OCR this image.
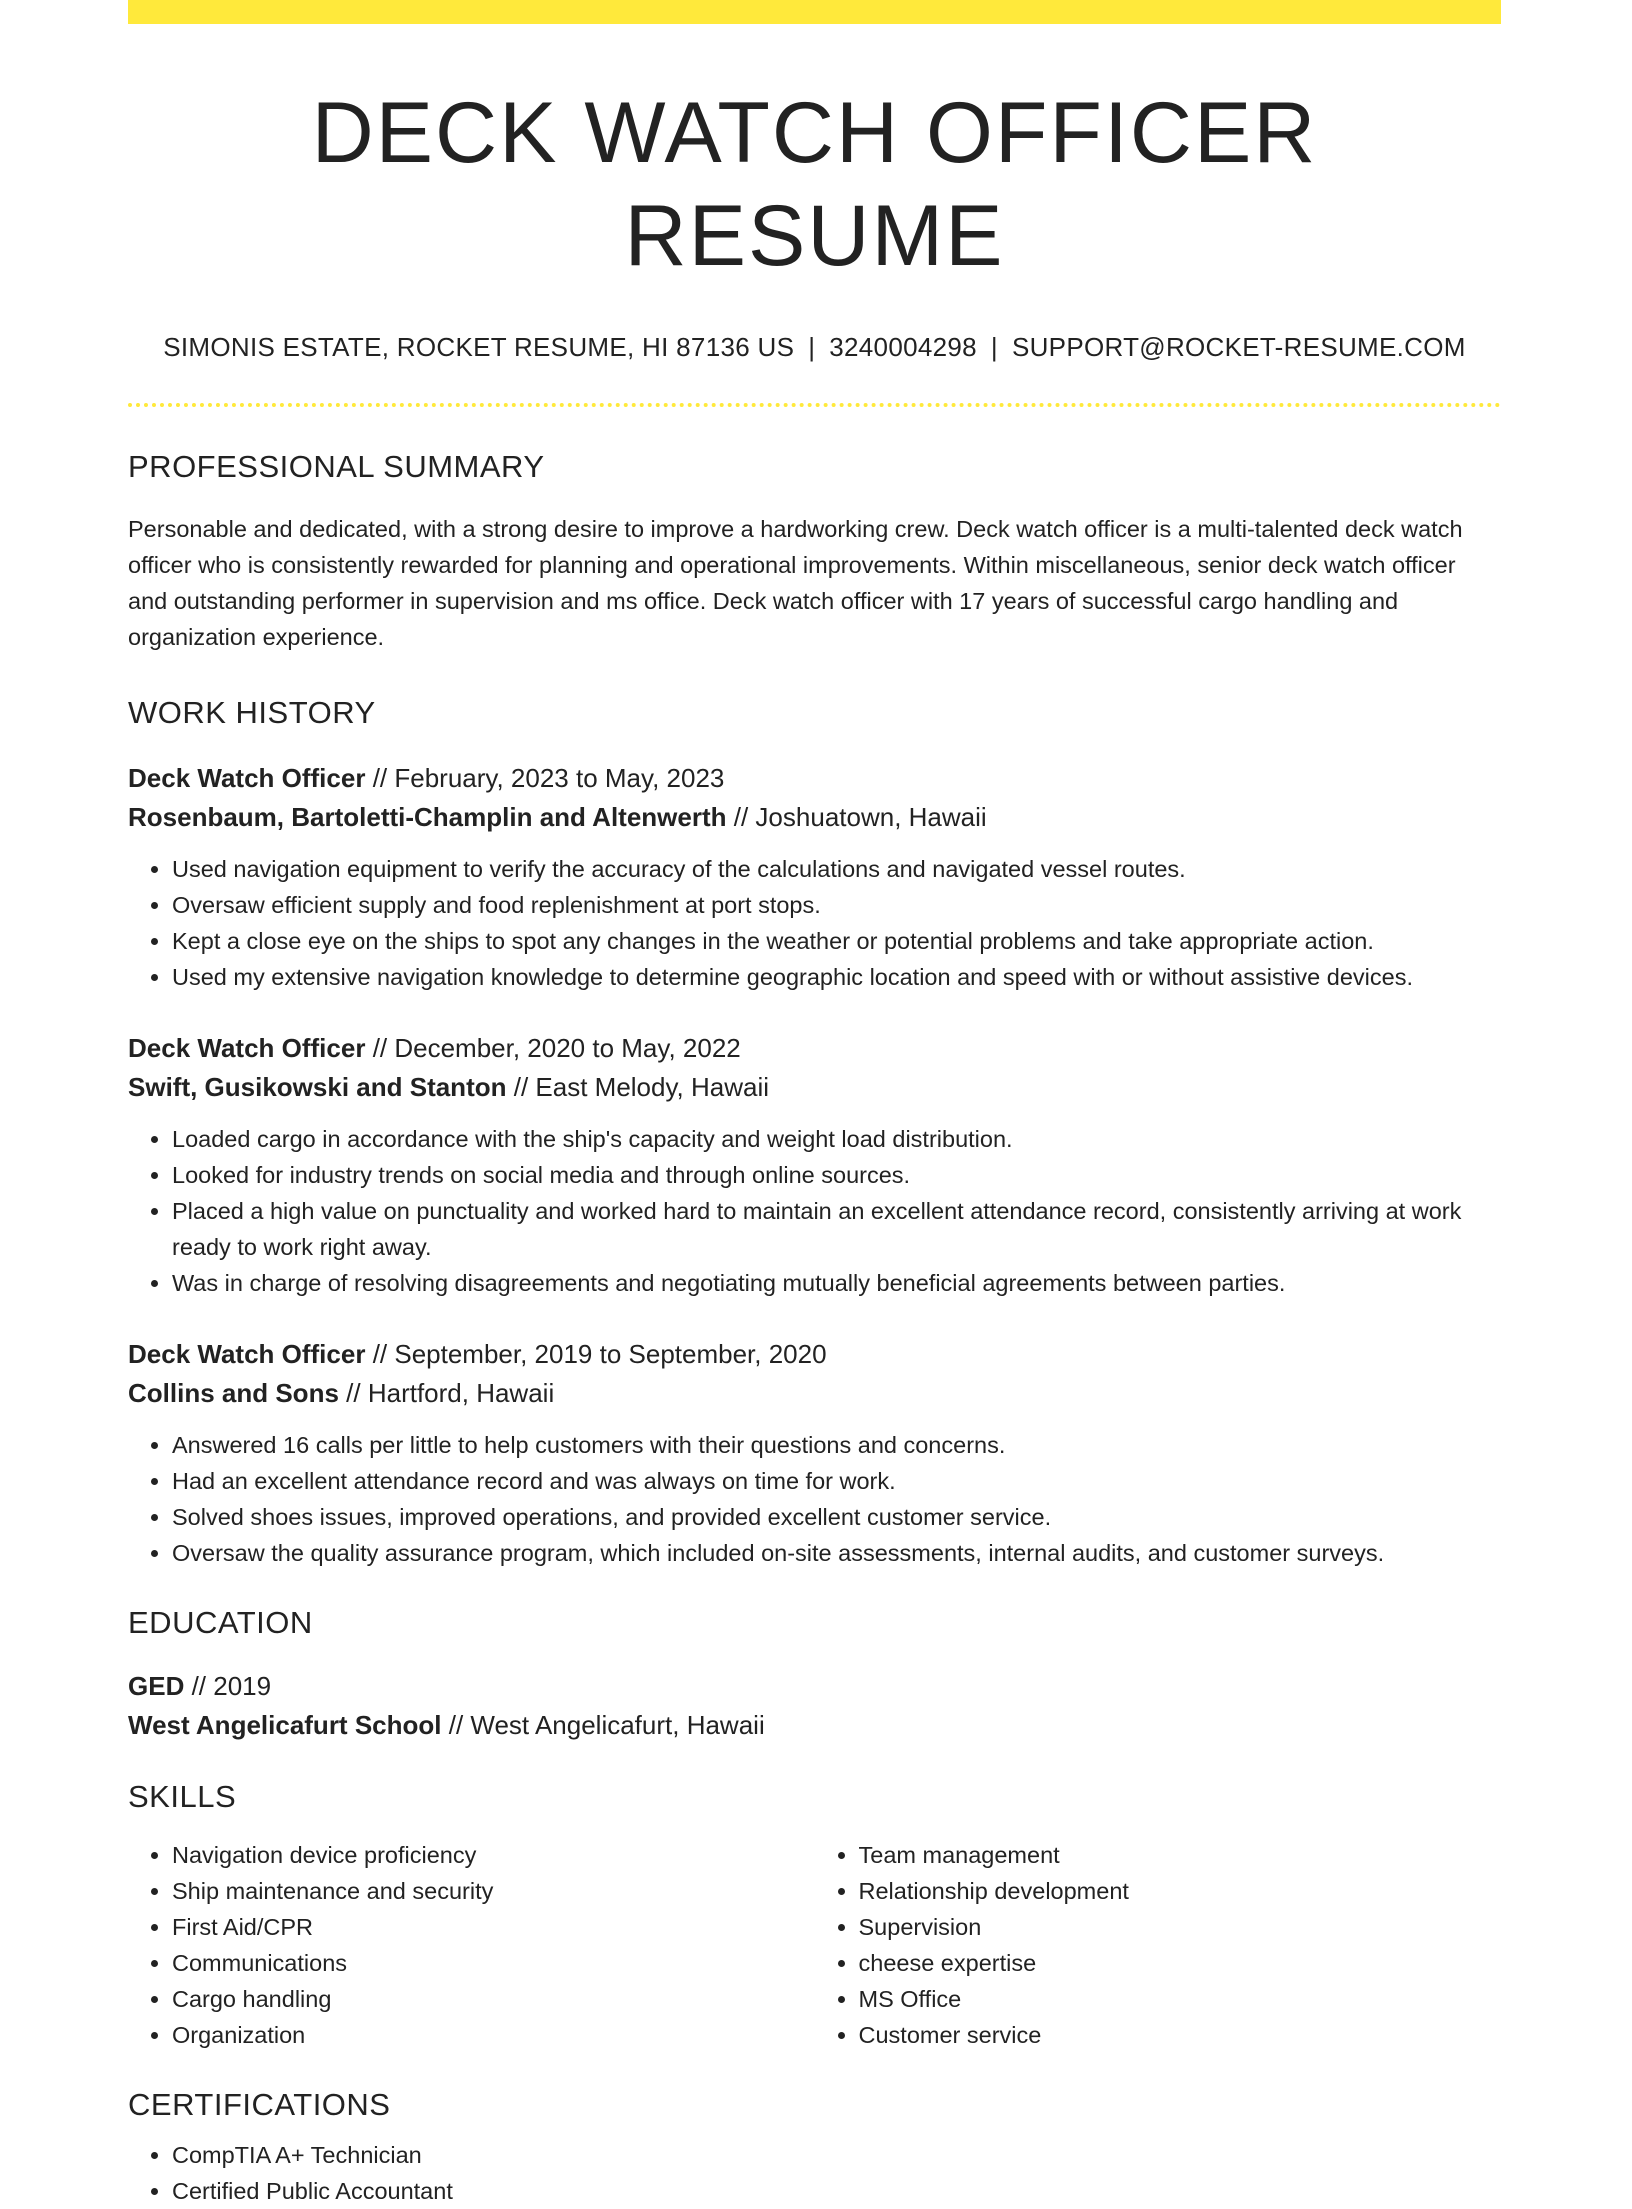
DECK WATCH OFFICER RESUME
SIMONIS ESTATE, ROCKET RESUME, HI 87136 US | 3240004298 | SUPPORT@ROCKET-RESUME.COM
PROFESSIONAL SUMMARY

Personable and dedicated, with a strong desire to improve a hardworking crew. Deck watch officer is a multi-talented deck watch officer who is consistently rewarded for planning and operational improvements. Within miscellaneous, senior deck watch officer and outstanding performer in supervision and ms office. Deck watch officer with 17 years of successful cargo handling and organization experience.

WORK HISTORY
Deck Watch Officer // February, 2023 to May, 2023
Rosenbaum, Bartoletti-Champlin and Altenwerth // Joshuatown, Hawaii
• Used navigation equipment to verify the accuracy of the calculations and navigated vessel routes.
• Oversaw efficient supply and food replenishment at port stops.
• Kept a close eye on the ships to spot any changes in the weather or potential problems and take appropriate action.
• Used my extensive navigation knowledge to determine geographic location and speed with or without assistive devices.
Deck Watch Officer // December, 2020 to May, 2022
Swift, Gusikowski and Stanton // East Melody, Hawaii
• Loaded cargo in accordance with the ship's capacity and weight load distribution.
• Looked for industry trends on social media and through online sources.
• Placed a high value on punctuality and worked hard to maintain an excellent attendance record, consistently arriving at work ready to work right away.
• Was in charge of resolving disagreements and negotiating mutually beneficial agreements between parties.
Deck Watch Officer // September, 2019 to September, 2020
Collins and Sons // Hartford, Hawaii
• Answered 16 calls per little to help customers with their questions and concerns.
• Had an excellent attendance record and was always on time for work.
• Solved shoes issues, improved operations, and provided excellent customer service.
• Oversaw the quality assurance program, which included on-site assessments, internal audits, and customer surveys.
EDUCATION
GED // 2019
West Angelicafurt School // West Angelicafurt, Hawaii
SKILLS
• Navigation device proficiency
• Ship maintenance and security
• First Aid/CPR
• Communications
• Cargo handling
• Organization
• Team management
• Relationship development
• Supervision
• cheese expertise
• MS Office
• Customer service
CERTIFICATIONS
• CompTIA A+ Technician
• Certified Public Accountant
